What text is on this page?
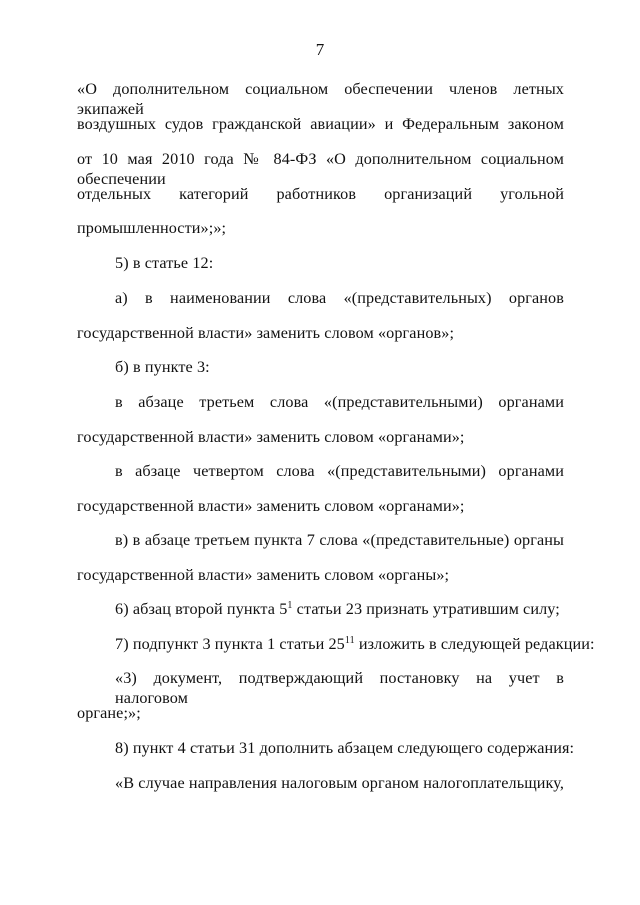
7
«О дополнительном социальном обеспечении членов летных экипажей
воздушных судов гражданской авиации» и Федеральным законом
от 10 мая 2010 года № 84-ФЗ «О дополнительном социальном обеспечении
отдельных категорий работников организаций угольной
промышленности»;»;
5) в статье 12:
а) в наименовании слова «(представительных) органов
государственной власти» заменить словом «органов»;
б) в пункте 3:
в абзаце третьем слова «(представительными) органами
государственной власти» заменить словом «органами»;
в абзаце четвертом слова «(представительными) органами
государственной власти» заменить словом «органами»;
в) в абзаце третьем пункта 7 слова «(представительные) органы
государственной власти» заменить словом «органы»;
6) абзац второй пункта $5^1$ статьи 23 признать утратившим силу;
7) подпункт 3 пункта 1 статьи $25^{11}$ изложить в следующей редакции:
«3) документ, подтверждающий постановку на учет в налоговом
органе;»;
8) пункт 4 статьи 31 дополнить абзацем следующего содержания:
«В случае направления налоговым органом налогоплательщику,
